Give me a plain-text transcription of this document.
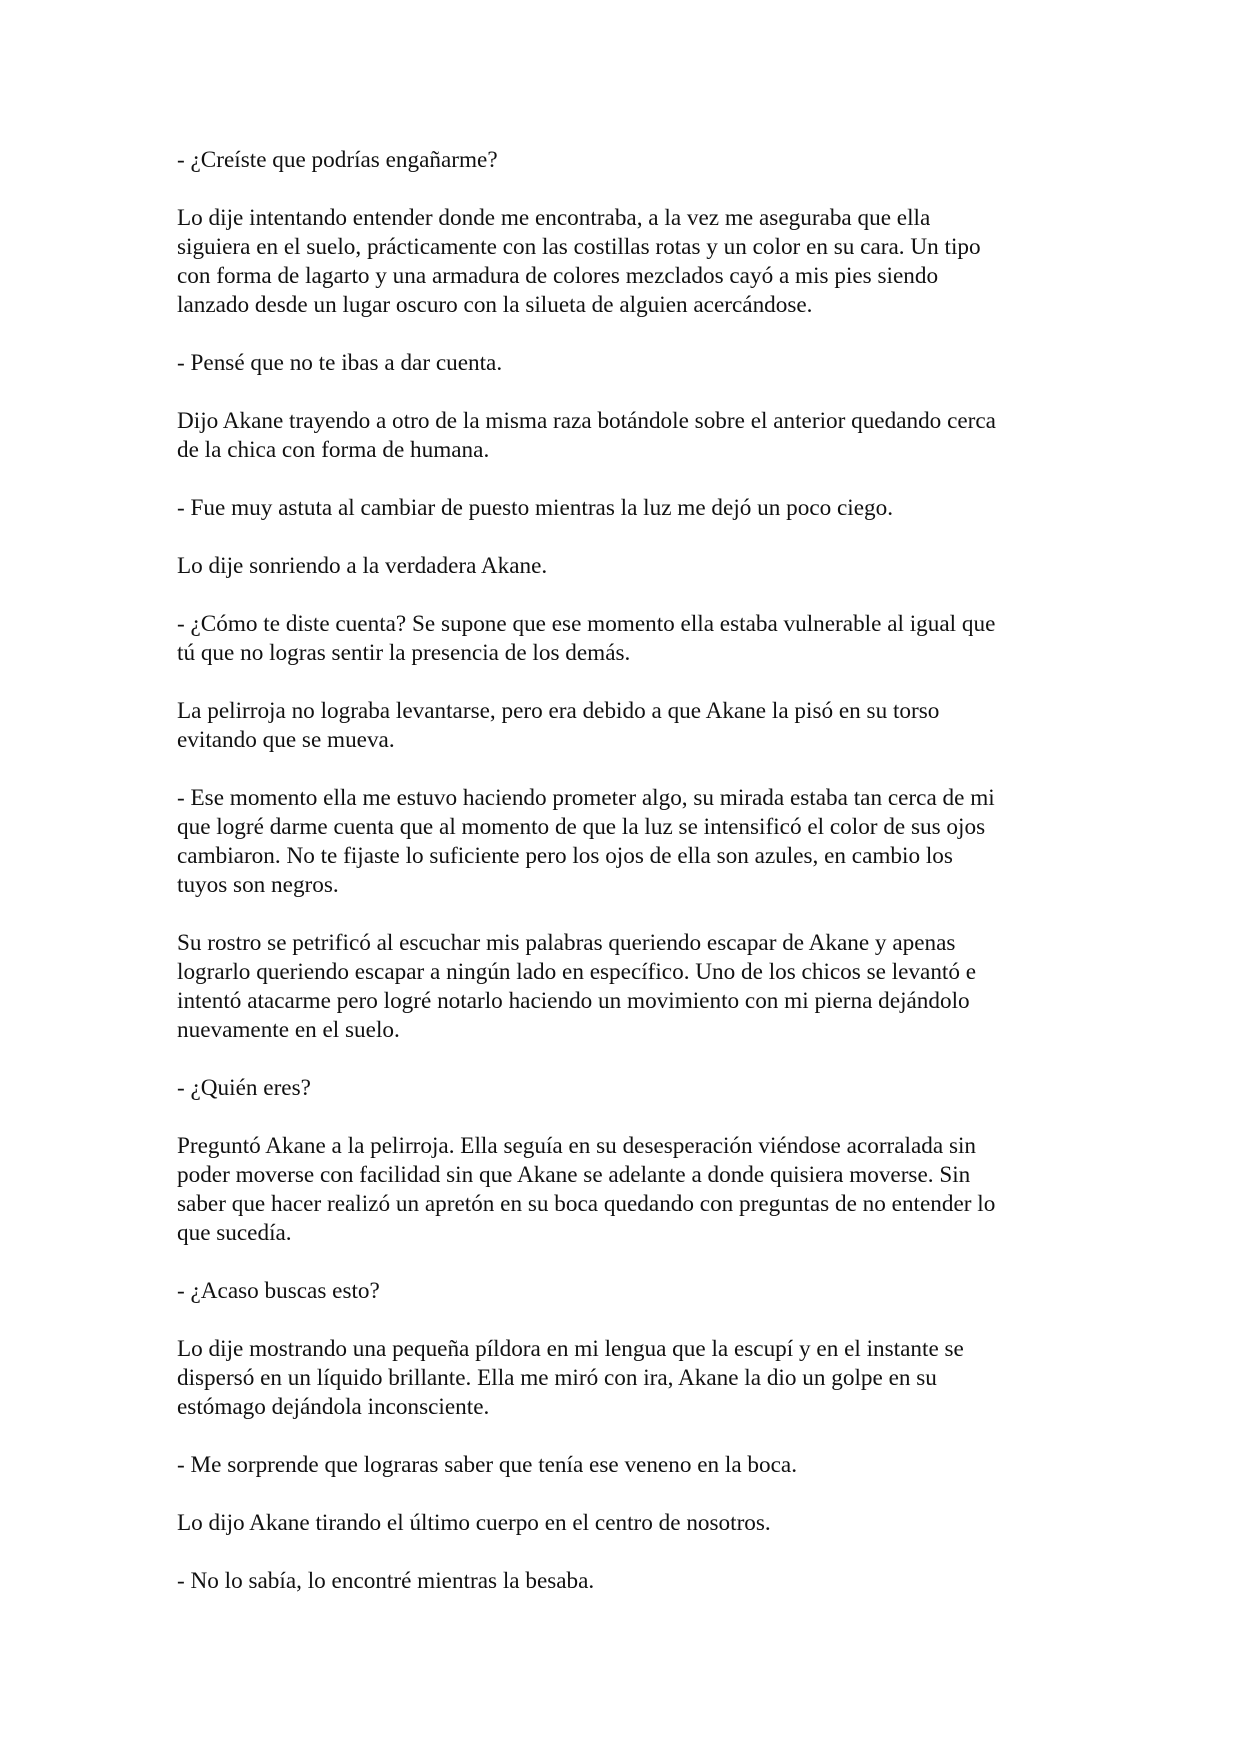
- ¿Creíste que podrías engañarme?

Lo dije intentando entender donde me encontraba, a la vez me aseguraba que ella
siguiera en el suelo, prácticamente con las costillas rotas y un color en su cara. Un tipo
con forma de lagarto y una armadura de colores mezclados cayó a mis pies siendo
lanzado desde un lugar oscuro con la silueta de alguien acercándose.

- Pensé que no te ibas a dar cuenta.

Dijo Akane trayendo a otro de la misma raza botándole sobre el anterior quedando cerca
de la chica con forma de humana.

- Fue muy astuta al cambiar de puesto mientras la luz me dejó un poco ciego.

Lo dije sonriendo a la verdadera Akane.

- ¿Cómo te diste cuenta? Se supone que ese momento ella estaba vulnerable al igual que
tú que no logras sentir la presencia de los demás.

La pelirroja no lograba levantarse, pero era debido a que Akane la pisó en su torso
evitando que se mueva.

- Ese momento ella me estuvo haciendo prometer algo, su mirada estaba tan cerca de mi
que logré darme cuenta que al momento de que la luz se intensificó el color de sus ojos
cambiaron. No te fijaste lo suficiente pero los ojos de ella son azules, en cambio los
tuyos son negros.

Su rostro se petrificó al escuchar mis palabras queriendo escapar de Akane y apenas
lograrlo queriendo escapar a ningún lado en específico. Uno de los chicos se levantó e
intentó atacarme pero logré notarlo haciendo un movimiento con mi pierna dejándolo
nuevamente en el suelo.

- ¿Quién eres?

Preguntó Akane a la pelirroja. Ella seguía en su desesperación viéndose acorralada sin
poder moverse con facilidad sin que Akane se adelante a donde quisiera moverse. Sin
saber que hacer realizó un apretón en su boca quedando con preguntas de no entender lo
que sucedía.

- ¿Acaso buscas esto?

Lo dije mostrando una pequeña píldora en mi lengua que la escupí y en el instante se
dispersó en un líquido brillante. Ella me miró con ira, Akane la dio un golpe en su
estómago dejándola inconsciente.

- Me sorprende que lograras saber que tenía ese veneno en la boca.

Lo dijo Akane tirando el último cuerpo en el centro de nosotros.

- No lo sabía, lo encontré mientras la besaba.
